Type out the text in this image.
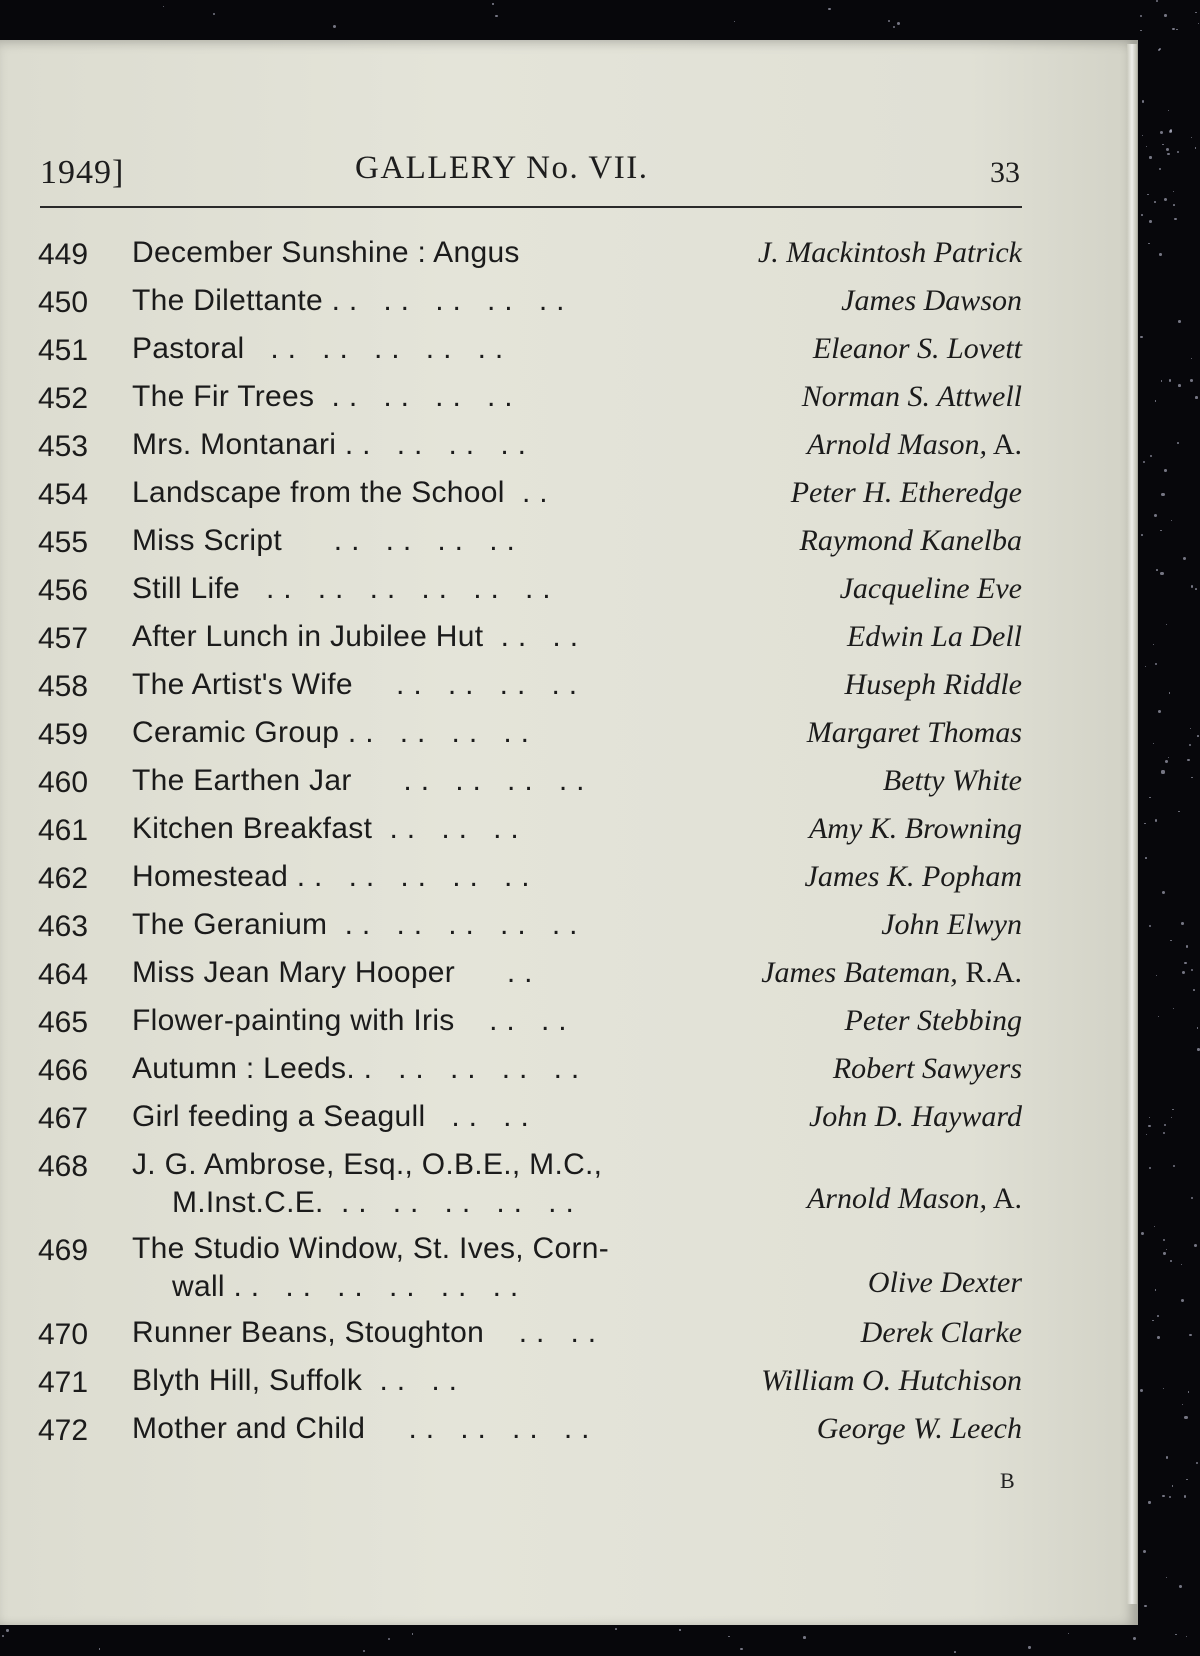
1949]	GALLERY No. VII.	33
449 December Sunshine : Angus	J. Mackintosh Patrick
450 The Dilettante . .   . .   . .   . .   . .	James Dawson
451 Pastoral   . .   . .   . .   . .   . .	Eleanor S. Lovett
452 The Fir Trees  . .   . .   . .   . .	Norman S. Attwell
453 Mrs. Montanari . .   . .   . .   . .	Arnold Mason, A.
454 Landscape from the School  . .	Peter H. Etheredge
455 Miss Script      . .   . .   . .   . .	Raymond Kanelba
456 Still Life   . .   . .   . .   . .   . .   . .	Jacqueline Eve
457 After Lunch in Jubilee Hut  . .   . .	Edwin La Dell
458 The Artist's Wife     . .   . .   . .   . .	Huseph Riddle
459 Ceramic Group . .   . .   . .   . .	Margaret Thomas
460 The Earthen Jar      . .   . .   . .   . .	Betty White
461 Kitchen Breakfast  . .   . .   . .	Amy K. Browning
462 Homestead . .   . .   . .   . .   . .	James K. Popham
463 The Geranium  . .   . .   . .   . .   . .	John Elwyn
464 Miss Jean Mary Hooper      . .	James Bateman, R.A.
465 Flower-painting with Iris    . .   . .	Peter Stebbing
466 Autumn : Leeds. .   . .   . .   . .   . .	Robert Sawyers
467 Girl feeding a Seagull   . .   . .	John D. Hayward
468 J. G. Ambrose, Esq., O.B.E., M.C.,
M.Inst.C.E.  . .   . .   . .   . .   . .	Arnold Mason, A.
469 The Studio Window, St. Ives, Corn-
wall . .   . .   . .   . .   . .   . .	Olive Dexter
470 Runner Beans, Stoughton    . .   . .	Derek Clarke
471 Blyth Hill, Suffolk  . .   . .	William O. Hutchison
472 Mother and Child     . .   . .   . .   . .	George W. Leech
B
